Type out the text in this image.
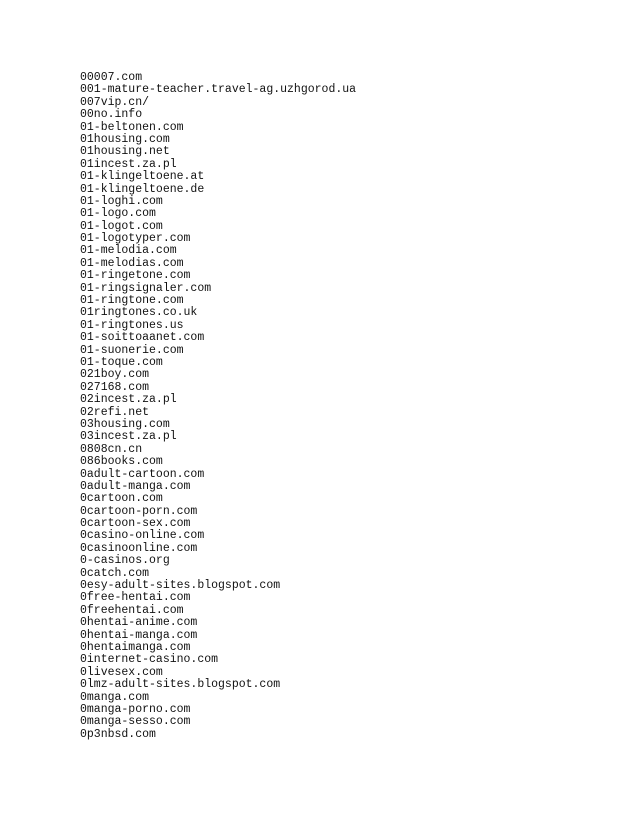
00007.com
001-mature-teacher.travel-ag.uzhgorod.ua
007vip.cn/
00no.info
01-beltonen.com
01housing.com
01housing.net
01incest.za.pl
01-klingeltoene.at
01-klingeltoene.de
01-loghi.com
01-logo.com
01-logot.com
01-logotyper.com
01-melodia.com
01-melodias.com
01-ringetone.com
01-ringsignaler.com
01-ringtone.com
01ringtones.co.uk
01-ringtones.us
01-soittoaanet.com
01-suonerie.com
01-toque.com
021boy.com
027168.com
02incest.za.pl
02refi.net
03housing.com
03incest.za.pl
0808cn.cn
086books.com
0adult-cartoon.com
0adult-manga.com
0cartoon.com
0cartoon-porn.com
0cartoon-sex.com
0casino-online.com
0casinoonline.com
0-casinos.org
0catch.com
0esy-adult-sites.blogspot.com
0free-hentai.com
0freehentai.com
0hentai-anime.com
0hentai-manga.com
0hentaimanga.com
0internet-casino.com
0livesex.com
0lmz-adult-sites.blogspot.com
0manga.com
0manga-porno.com
0manga-sesso.com
0p3nbsd.com
